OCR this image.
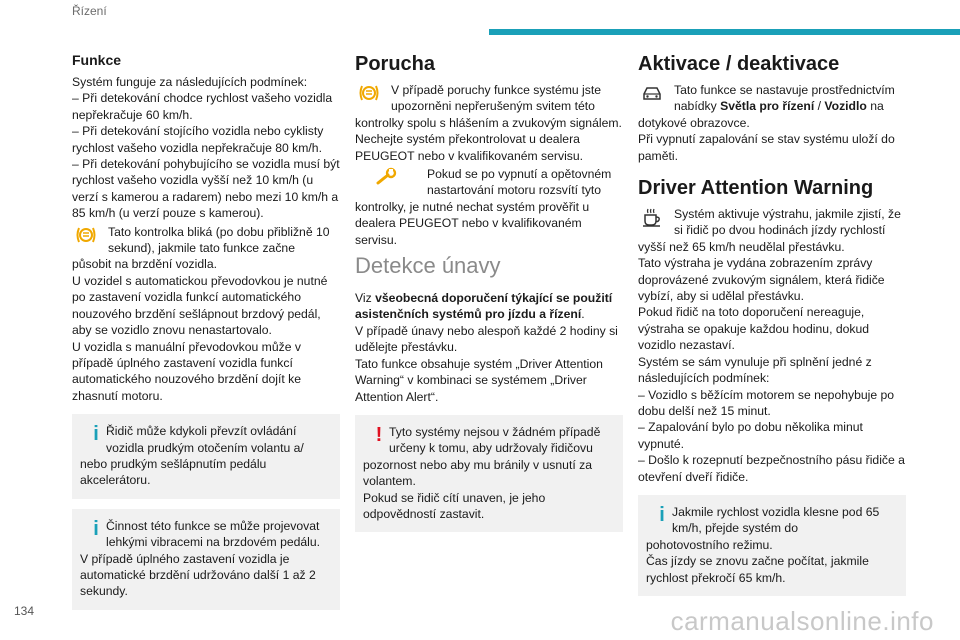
Řízení
Funkce

Systém funguje za následujících podmínek:
– Při detekování chodce rychlost vašeho vozidla nepřekračuje 60 km/h.
– Při detekování stojícího vozidla nebo cyklisty rychlost vašeho vozidla nepřekračuje 80 km/h.
– Při detekování pohybujícího se vozidla musí být rychlost vašeho vozidla vyšší než 10 km/h (u verzí s kamerou a radarem) nebo mezi 10 km/h a 85 km/h (u verzí pouze s kamerou).

Tato kontrolka bliká (po dobu přibližně 10 sekund), jakmile tato funkce začne

působit na brzdění vozidla.
U vozidel s automatickou převodovkou je nutné po zastavení vozidla funkcí automatického nouzového brzdění sešlápnout brzdový pedál, aby se vozidlo znovu nenastartovalo.
U vozidla s manuální převodovkou může v případě úplného zastavení vozidla funkcí automatického nouzového brzdění dojít ke zhasnutí motoru.

i Řidič může kdykoli převzít ovládání vozidla prudkým otočením volantu a/
nebo prudkým sešlápnutím pedálu akcelerátoru.
i Činnost této funkce se může projevovat lehkými vibracemi na brzdovém pedálu.
V případě úplného zastavení vozidla je automatické brzdění udržováno další 1 až 2 sekundy.
Porucha
V případě poruchy funkce systému jste upozorněni nepřerušeným svitem této

kontrolky spolu s hlášením a zvukovým signálem.
Nechejte systém překontrolovat u dealera PEUGEOT nebo v kvalifikovaném servisu.

Pokud se po vypnutí a opětovném nastartování motoru rozsvítí tyto

kontrolky, je nutné nechat systém prověřit u dealera PEUGEOT nebo v kvalifikovaném servisu.

Detekce únavy

Viz všeobecná doporučení týkající se použití asistenčních systémů pro jízdu a řízení.

V případě únavy nebo alespoň každé 2 hodiny si udělejte přestávku.
Tato funkce obsahuje systém „Driver Attention Warning“ v kombinaci se systémem „Driver Attention Alert“.

! Tyto systémy nejsou v žádném případě určeny k tomu, aby udržovaly řidičovu
pozornost nebo aby mu bránily v usnutí za volantem.
Pokud se řidič cítí unaven, je jeho odpovědností zastavit.
Aktivace / deaktivace
Tato funkce se nastavuje prostřednictvím nabídky Světla pro řízení / Vozidlo na

dotykové obrazovce.
Při vypnutí zapalování se stav systému uloží do paměti.

Driver Attention Warning
Systém aktivuje výstrahu, jakmile zjistí, že si řidič po dvou hodinách jízdy rychlostí

vyšší než 65 km/h neudělal přestávku.
Tato výstraha je vydána zobrazením zprávy doprovázené zvukovým signálem, která řidiče vybízí, aby si udělal přestávku.
Pokud řidič na toto doporučení nereaguje, výstraha se opakuje každou hodinu, dokud vozidlo nezastaví.
Systém se sám vynuluje při splnění jedné z následujících podmínek:
– Vozidlo s běžícím motorem se nepohybuje po dobu delší než 15 minut.
– Zapalování bylo po dobu několika minut vypnuté.
– Došlo k rozepnutí bezpečnostního pásu řidiče a otevření dveří řidiče.

i Jakmile rychlost vozidla klesne pod 65 km/h, přejde systém do
pohotovostního režimu.
Čas jízdy se znovu začne počítat, jakmile rychlost překročí 65 km/h.
134	carmanualsonline.info
